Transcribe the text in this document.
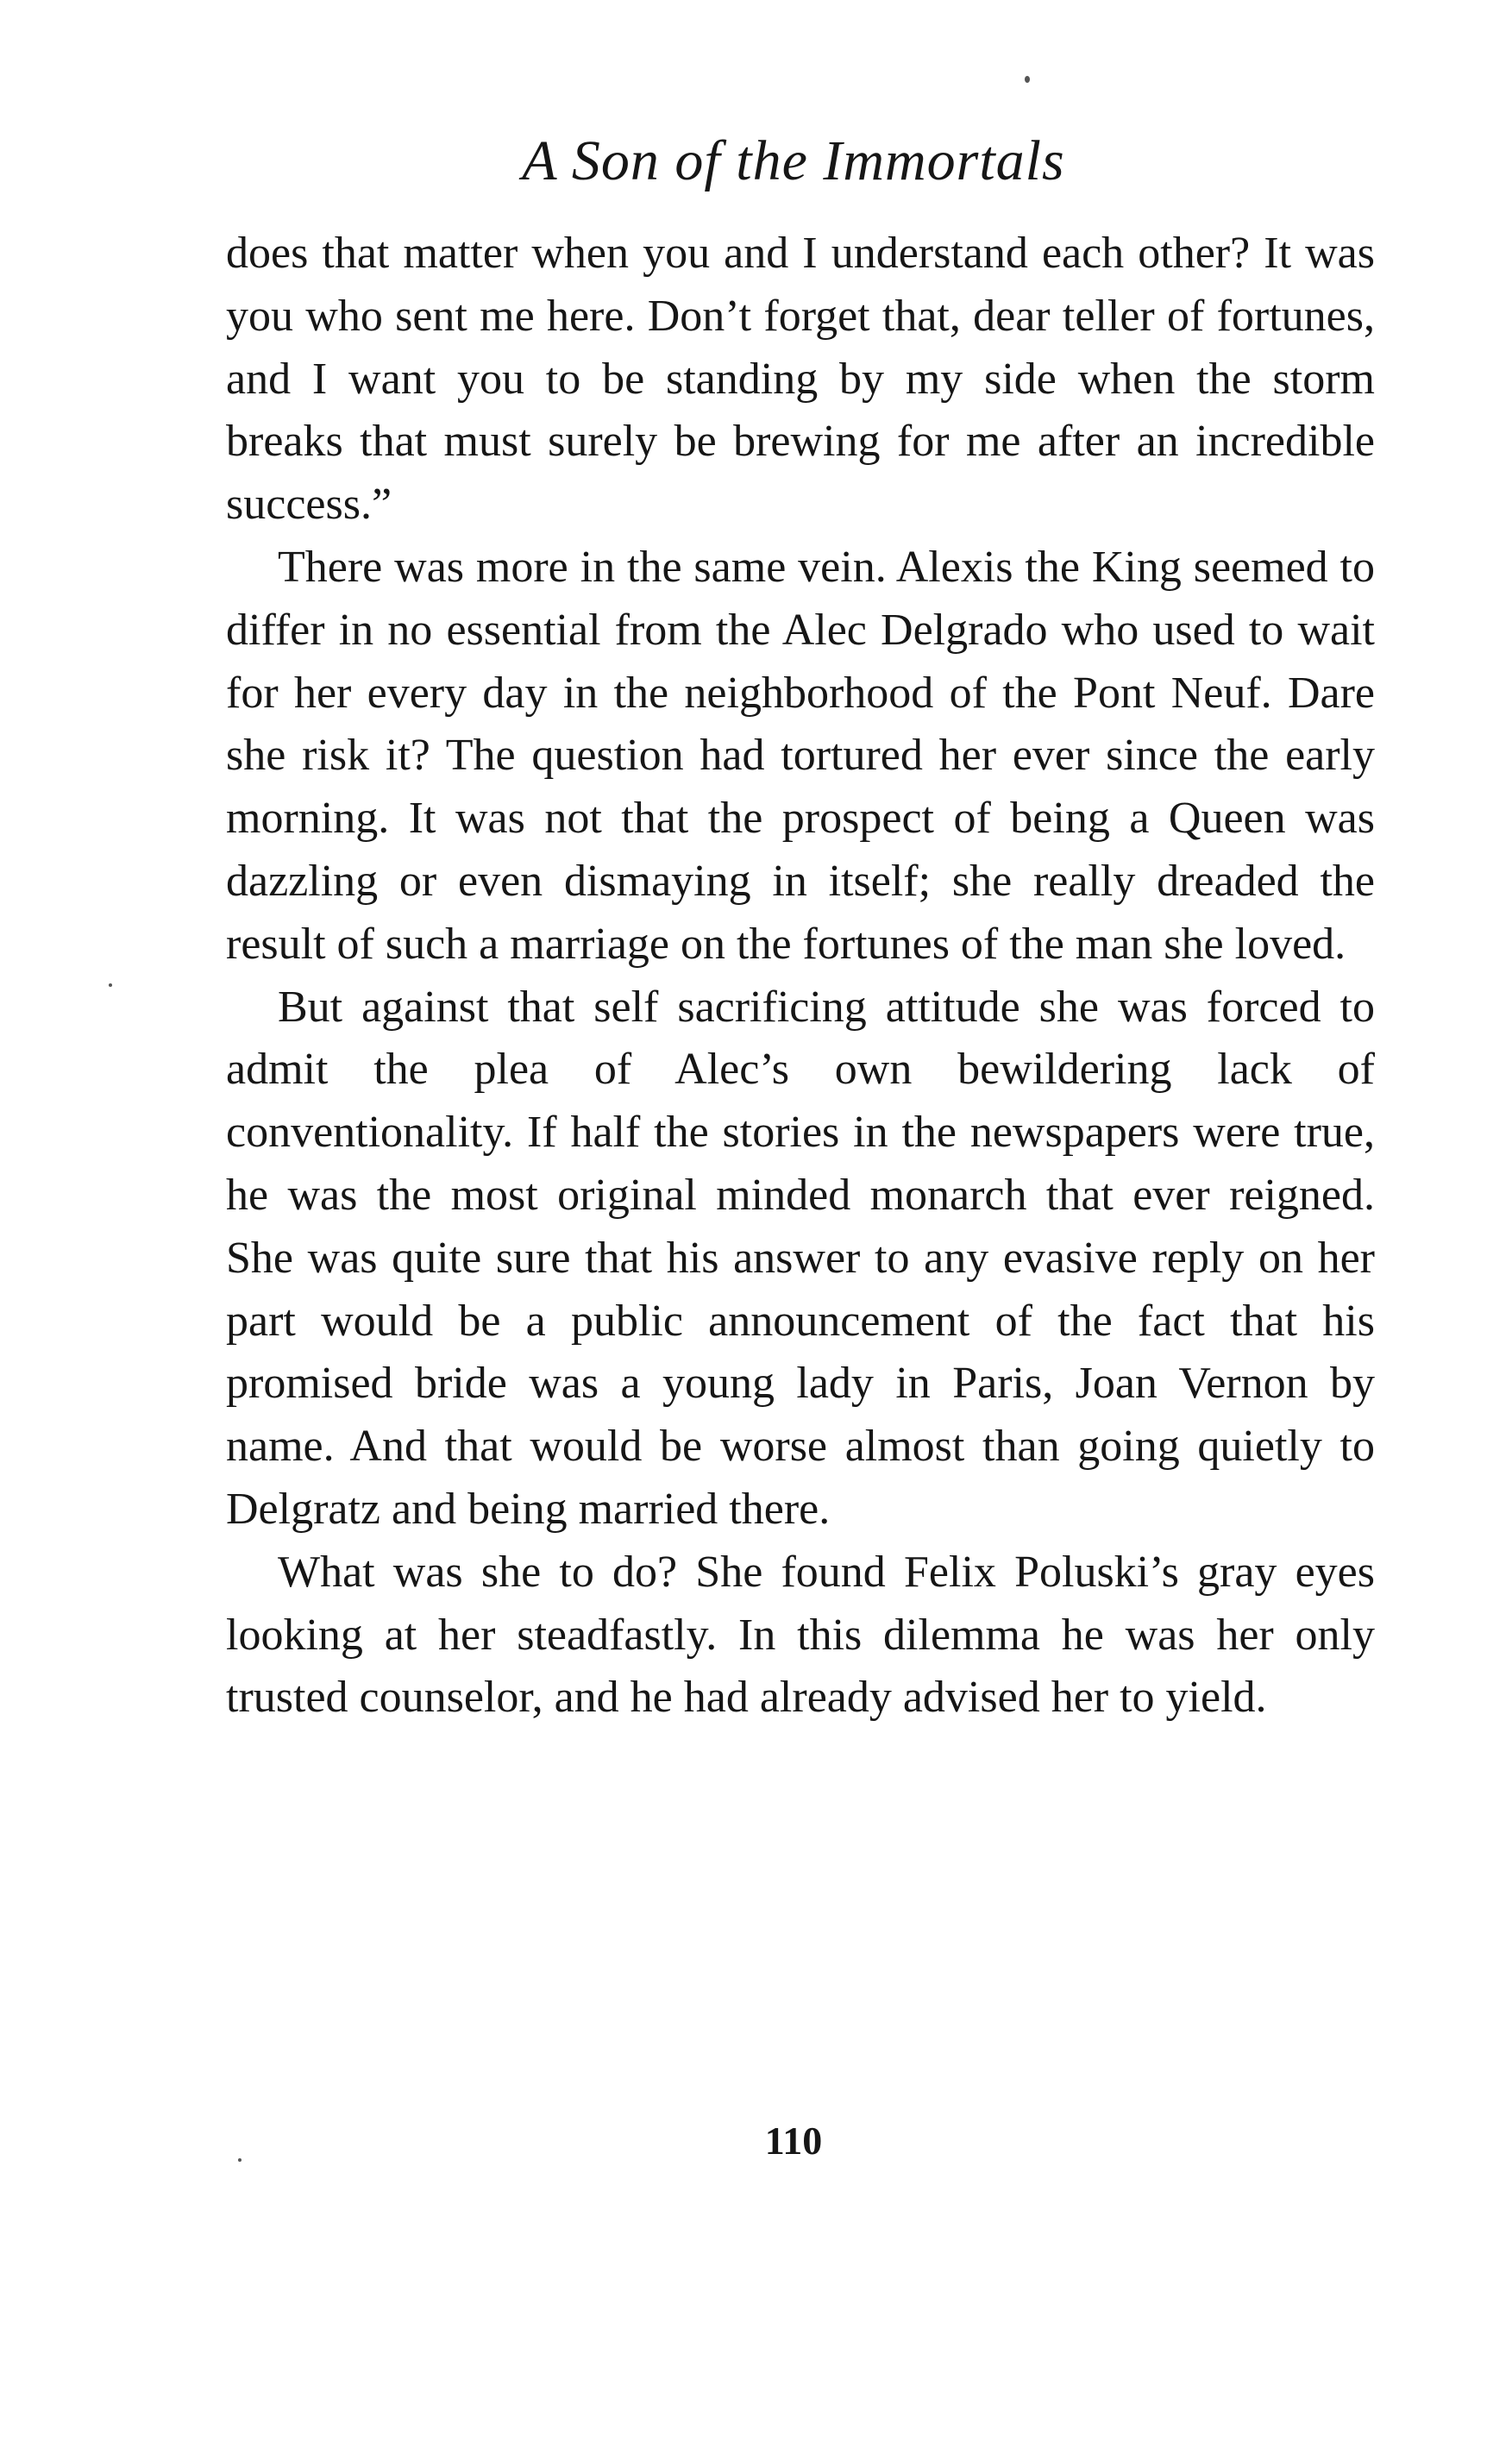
A Son of the Immortals

does that matter when you and I understand each other? It was you who sent me here. Don’t forget that, dear teller of fortunes, and I want you to be standing by my side when the storm breaks that must surely be brewing for me after an incredible success.”

There was more in the same vein. Alexis the King seemed to differ in no essential from the Alec Delgrado who used to wait for her every day in the neighborhood of the Pont Neuf. Dare she risk it? The question had tortured her ever since the early morning. It was not that the prospect of being a Queen was dazzling or even dismaying in itself; she really dreaded the result of such a marriage on the fortunes of the man she loved.

But against that self sacrificing attitude she was forced to admit the plea of Alec’s own bewildering lack of conventionality. If half the stories in the newspapers were true, he was the most original minded monarch that ever reigned. She was quite sure that his answer to any evasive reply on her part would be a public announcement of the fact that his promised bride was a young lady in Paris, Joan Vernon by name. And that would be worse almost than going quietly to Delgratz and being married there.

What was she to do? She found Felix Poluski’s gray eyes looking at her steadfastly. In this dilemma he was her only trusted counselor, and he had already advised her to yield.

110
